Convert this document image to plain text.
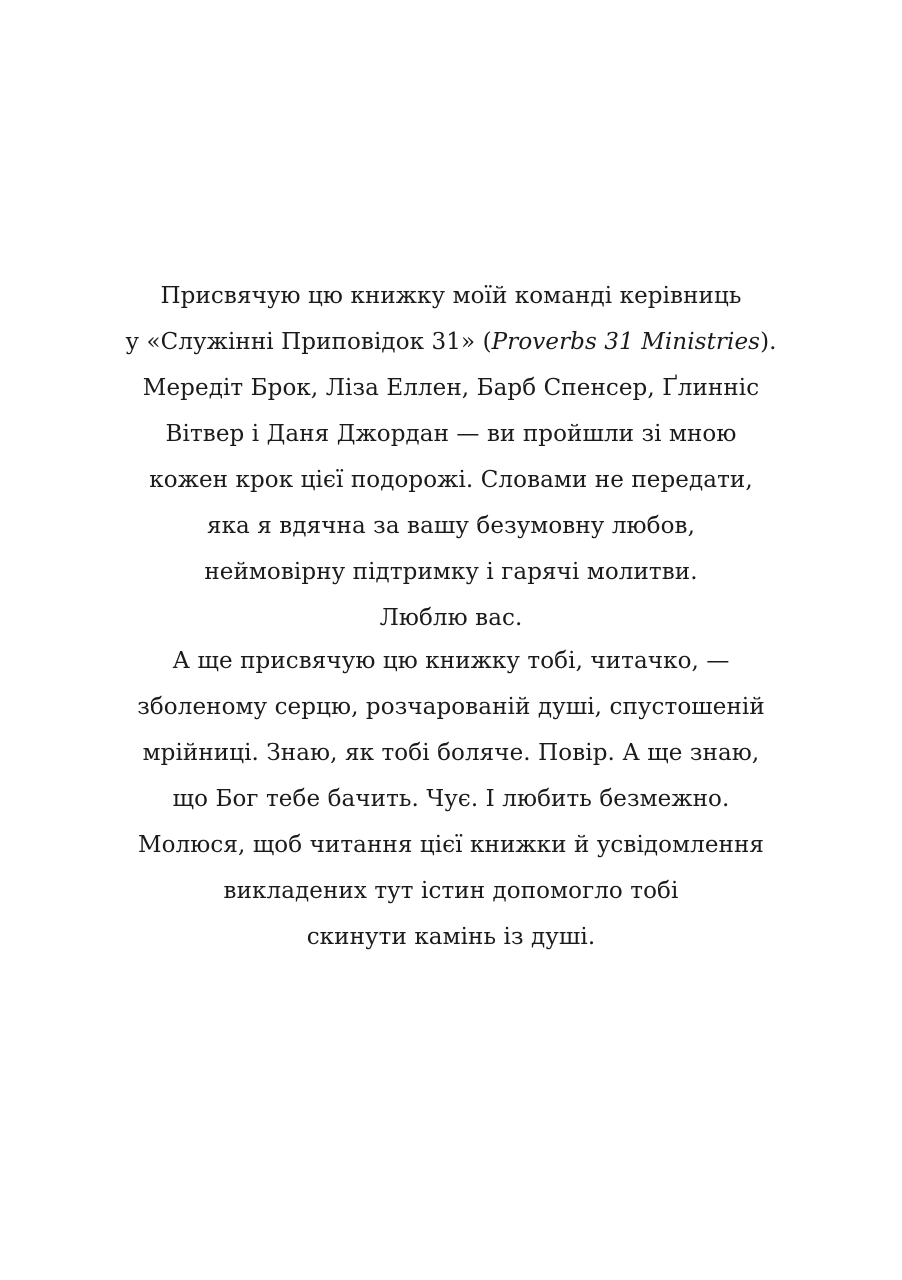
Присвячую цю книжку моїй команді керівниць
у «Служінні Приповідок 31» (Proverbs 31 Ministries).
Мередіт Брок, Ліза Еллен, Барб Спенсер, Ґлинніс
Вітвер і Даня Джордан — ви пройшли зі мною
кожен крок цієї подорожі. Словами не передати,
яка я вдячна за вашу безумовну любов,
неймовірну підтримку і гарячі молитви.
Люблю вас.
А ще присвячую цю книжку тобі, читачко, —
зболеному серцю, розчарованій душі, спустошеній
мрійниці. Знаю, як тобі боляче. Повір. А ще знаю,
що Бог тебе бачить. Чує. І любить безмежно.
Молюся, щоб читання цієї книжки й усвідомлення
викладених тут істин допомогло тобі
скинути камінь із душі.
